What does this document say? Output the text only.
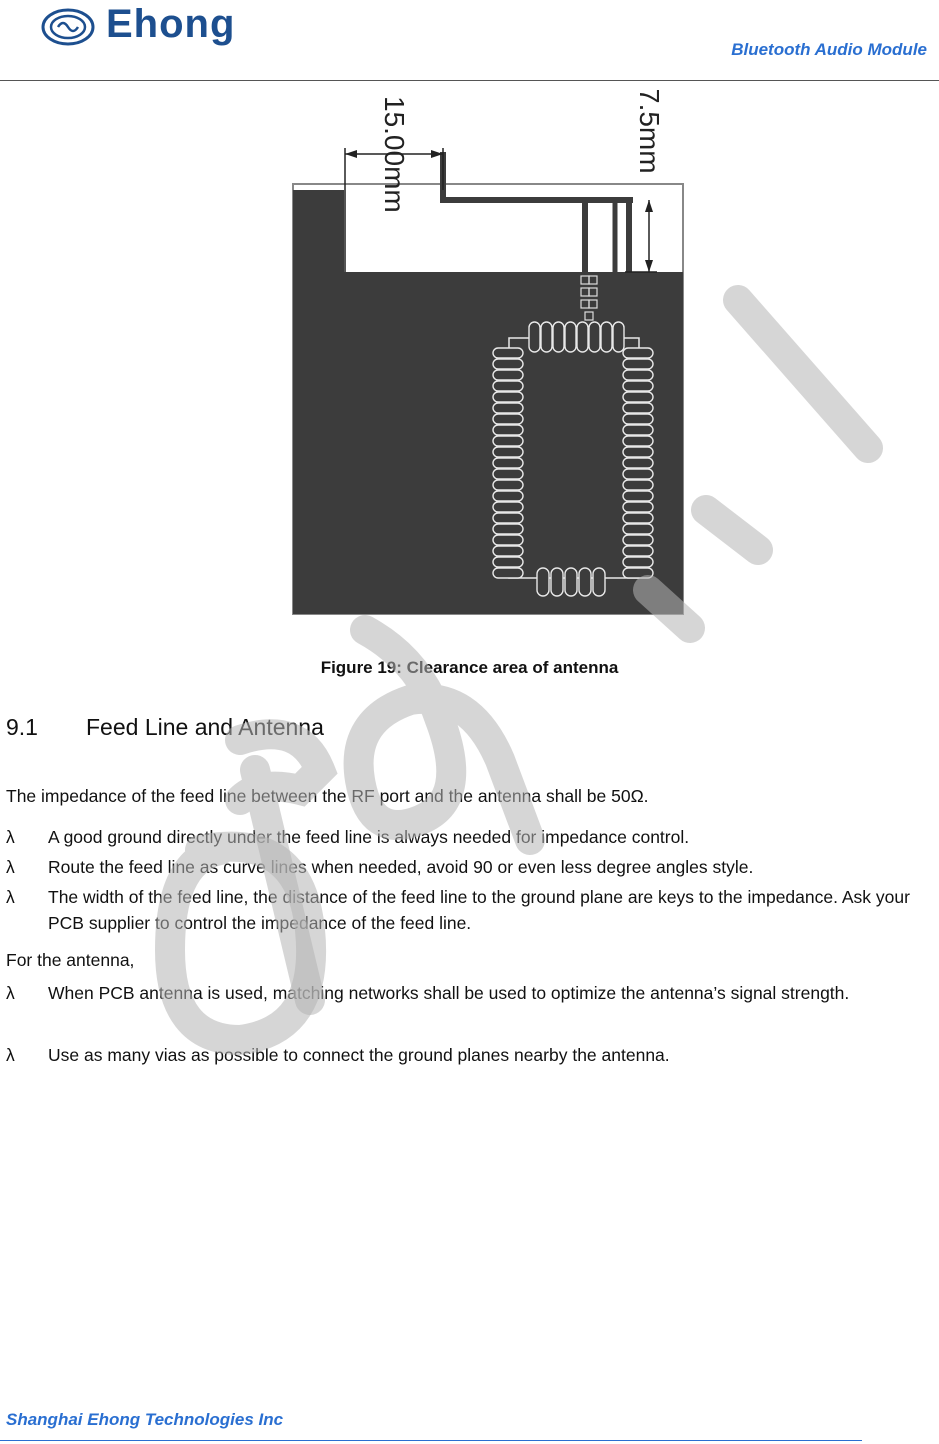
Ehong
Bluetooth Audio Module
15.00mm	7.5mm
Figure 19: Clearance area of antenna
9.1 Feed Line and Antenna
The impedance of the feed line between the RF port and the antenna shall be 50Ω.
λ	A good ground directly under the feed line is always needed for impedance control.
λ	Route the feed line as curve lines when needed, avoid 90 or even less degree angles style.
λ	The width of the feed line, the distance of the feed line to the ground plane are keys to the impedance. Ask your PCB supplier to control the impedance of the feed line.
For the antenna,
λ	When PCB antenna is used, matching networks shall be used to optimize the antenna’s signal strength.
λ	Use as many vias as possible to connect the ground planes nearby the antenna.
Shanghai Ehong Technologies Inc
